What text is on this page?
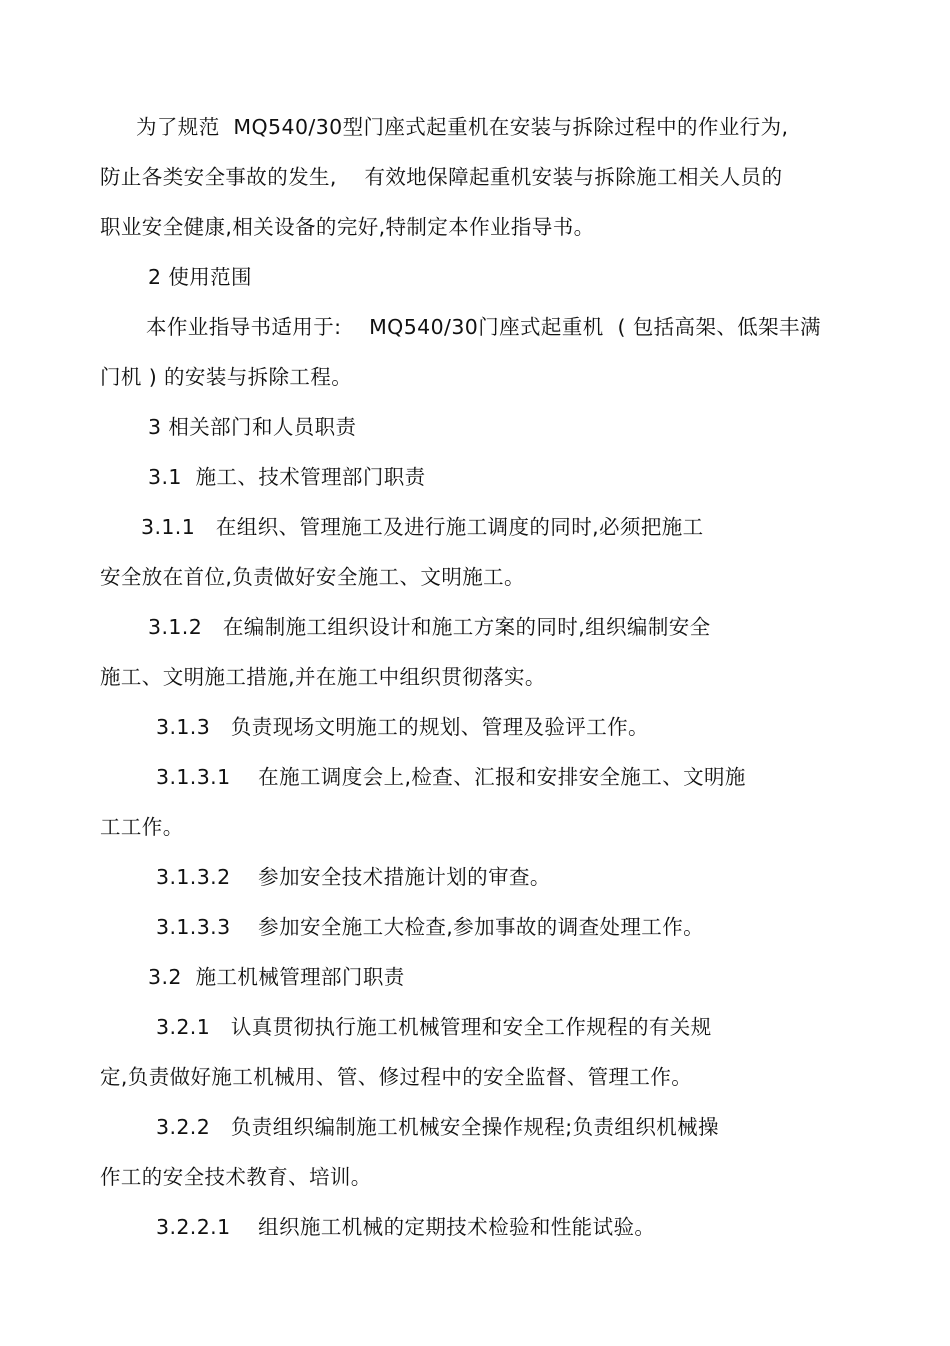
为了规范  MQ540/30型门座式起重机在安装与拆除过程中的作业行为,
防止各类安全事故的发生,    有效地保障起重机安装与拆除施工相关人员的
职业安全健康,相关设备的完好,特制定本作业指导书。
2 使用范围
本作业指导书适用于:    MQ540/30门座式起重机  ( 包括高架、低架丰满
门机 ) 的安装与拆除工程。
3 相关部门和人员职责
3.1  施工、技术管理部门职责
3.1.1   在组织、管理施工及进行施工调度的同时,必须把施工
安全放在首位,负责做好安全施工、文明施工。
3.1.2   在编制施工组织设计和施工方案的同时,组织编制安全
施工、文明施工措施,并在施工中组织贯彻落实。
3.1.3   负责现场文明施工的规划、管理及验评工作。
3.1.3.1    在施工调度会上,检查、汇报和安排安全施工、文明施
工工作。
3.1.3.2    参加安全技术措施计划的审查。
3.1.3.3    参加安全施工大检查,参加事故的调查处理工作。
3.2  施工机械管理部门职责
3.2.1   认真贯彻执行施工机械管理和安全工作规程的有关规
定,负责做好施工机械用、管、修过程中的安全监督、管理工作。
3.2.2   负责组织编制施工机械安全操作规程;负责组织机械操
作工的安全技术教育、培训。
3.2.2.1    组织施工机械的定期技术检验和性能试验。
